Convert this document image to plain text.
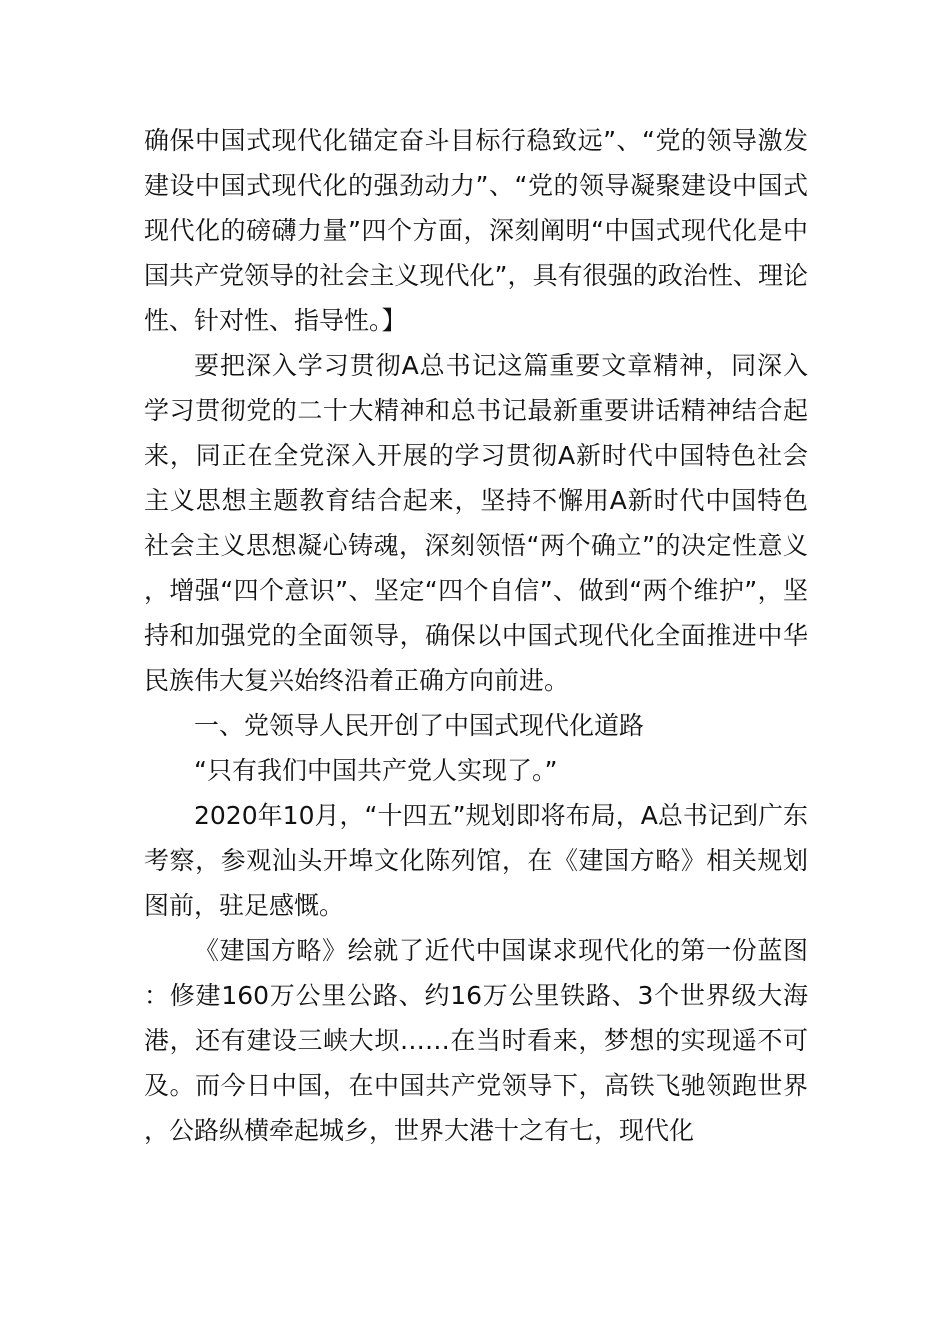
确保中国式现代化锚定奋斗目标行稳致远”、“党的领导激发建设中国式现代化的强劲动力”、“党的领导凝聚建设中国式现代化的磅礴力量”四个方面，深刻阐明“中国式现代化是中国共产党领导的社会主义现代化”，具有很强的政治性、理论性、针对性、指导性。】

要把深入学习贯彻A总书记这篇重要文章精神，同深入学习贯彻党的二十大精神和总书记最新重要讲话精神结合起来，同正在全党深入开展的学习贯彻A新时代中国特色社会主义思想主题教育结合起来，坚持不懈用A新时代中国特色社会主义思想凝心铸魂，深刻领悟“两个确立”的决定性意义，增强“四个意识”、坚定“四个自信”、做到“两个维护”，坚持和加强党的全面领导，确保以中国式现代化全面推进中华民族伟大复兴始终沿着正确方向前进。

一、党领导人民开创了中国式现代化道路

“只有我们中国共产党人实现了。”

2020年10月，“十四五”规划即将布局，A总书记到广东考察，参观汕头开埠文化陈列馆，在《建国方略》相关规划图前，驻足感慨。

《建国方略》绘就了近代中国谋求现代化的第一份蓝图：修建160万公里公路、约16万公里铁路、3个世界级大海港，还有建设三峡大坝……在当时看来，梦想的实现遥不可及。而今日中国，在中国共产党领导下，高铁飞驰领跑世界，公路纵横牵起城乡，世界大港十之有七，现代化
